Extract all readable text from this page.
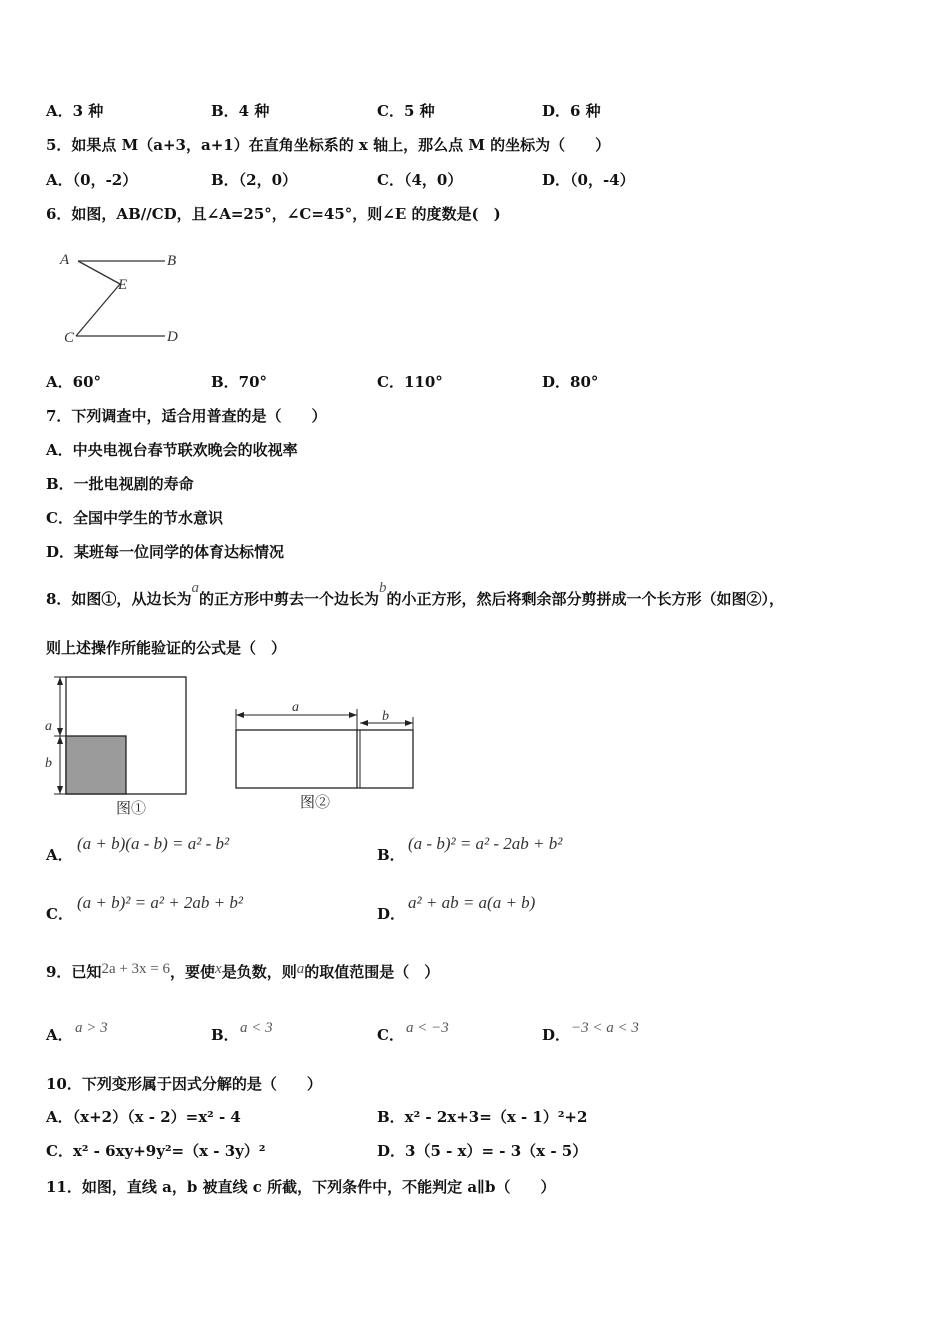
A．3 种	B．4 种	C．5 种	D．6 种
5．如果点 M（a+3，a+1）在直角坐标系的 x 轴上，那么点 M 的坐标为（　　）
A．（0，-2）	B．（2，0）	C．（4，0）	D．（0，-4）
6．如图，AB//CD，且∠A=25°，∠C=45°，则∠E 的度数是(　)
A	B
E
C	D
A．60°	B．70°	C．110°	D．80°
7．下列调查中，适合用普查的是（　　）
A．中央电视台春节联欢晚会的收视率
B．一批电视剧的寿命
C．全国中学生的节水意识
D．某班每一位同学的体育达标情况
8．如图①，从边长为a的正方形中剪去一个边长为b的小正方形，然后将剩余部分剪拼成一个长方形（如图②），
则上述操作所能验证的公式是（　）
a
b
图①
a
b
图②
A．
(a + b)(a - b) = a² - b²
B．
(a - b)² = a² - 2ab + b²
C．
(a + b)² = a² + 2ab + b²
D．
a² + ab = a(a + b)
9．已知2a + 3x = 6，要使x是负数，则a的取值范围是（　）
A． a > 3	B． a < 3	C． a < −3	D． −3 < a < 3
10．下列变形属于因式分解的是（　　）
A．（x+2）（x - 2）=x² - 4	B．x² - 2x+3=（x - 1）²+2
C．x² - 6xy+9y²=（x - 3y）²	D．3（5 - x）= - 3（x - 5）
11．如图，直线 a，b 被直线 c 所截，下列条件中，不能判定 a∥b（　　）
